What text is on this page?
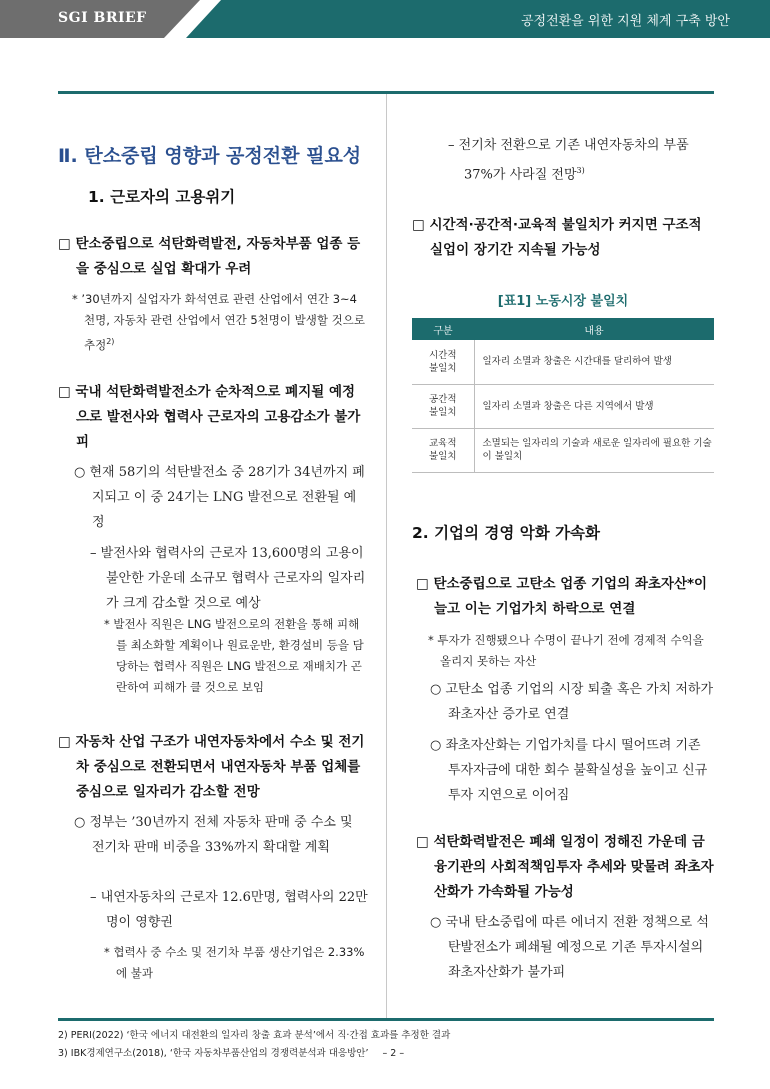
SGI BRIEF	공정전환을 위한 지원 체계 구축 방안
Ⅱ. 탄소중립 영향과 공정전환 필요성
1. 근로자의 고용위기
□ 탄소중립으로 석탄화력발전, 자동차부품 업종 등을 중심으로 실업 확대가 우려
* ’30년까지 실업자가 화석연료 관련 산업에서 연간 3~4천명, 자동차 관련 산업에서 연간 5천명이 발생할 것으로 추정$^{2)}$
□ 국내 석탄화력발전소가 순차적으로 폐지될 예정으로 발전사와 협력사 근로자의 고용감소가 불가피
○ 현재 58기의 석탄발전소 중 28기가 34년까지 폐지되고 이 중 24기는 LNG 발전으로 전환될 예정
– 발전사와 협력사의 근로자 13,600명의 고용이 불안한 가운데 소규모 협력사 근로자의 일자리가 크게 감소할 것으로 예상
* 발전사 직원은 LNG 발전으로의 전환을 통해 피해를 최소화할 계획이나 원료운반, 환경설비 등을 담당하는 협력사 직원은 LNG 발전으로 재배치가 곤란하여 피해가 클 것으로 보임
□ 자동차 산업 구조가 내연자동차에서 수소 및 전기차 중심으로 전환되면서 내연자동차 부품 업체를 중심으로 일자리가 감소할 전망
○ 정부는 ’30년까지 전체 자동차 판매 중 수소 및 전기차 판매 비중을 33%까지 확대할 계획
– 내연자동차의 근로자 12.6만명, 협력사의 22만명이 영향권
* 협력사 중 수소 및 전기차 부품 생산기업은 2.33%에 불과
– 전기차 전환으로 기존 내연자동차의 부품 37%가 사라질 전망$^{3)}$
□ 시간적·공간적·교육적 불일치가 커지면 구조적 실업이 장기간 지속될 가능성
[표1] 노동시장 불일치
구분	내용
시간적
불일치	일자리 소멸과 창출은 시간대를 달리하여 발생
공간적
불일치	일자리 소멸과 창출은 다른 지역에서 발생
교육적
불일치	소멸되는 일자리의 기술과 새로운 일자리에 필요한 기술이 불일치
2. 기업의 경영 악화 가속화
□ 탄소중립으로 고탄소 업종 기업의 좌초자산*이 늘고 이는 기업가치 하락으로 연결
* 투자가 진행됐으나 수명이 끝나기 전에 경제적 수익을 올리지 못하는 자산
○ 고탄소 업종 기업의 시장 퇴출 혹은 가치 저하가 좌초자산 증가로 연결
○ 좌초자산화는 기업가치를 다시 떨어뜨려 기존 투자자금에 대한 회수 불확실성을 높이고 신규투자 지연으로 이어짐
□ 석탄화력발전은 폐쇄 일정이 정해진 가운데 금융기관의 사회적책임투자 추세와 맞물려 좌초자산화가 가속화될 가능성
○ 국내 탄소중립에 따른 에너지 전환 정책으로 석탄발전소가 폐쇄될 예정으로 기존 투자시설의 좌초자산화가 불가피
2) PERI(2022) ‘한국 에너지 대전환의 일자리 창출 효과 분석’에서 직·간접 효과를 추정한 결과
3) IBK경제연구소(2018), ‘한국 자동차부품산업의 경쟁력분석과 대응방안’ – 2 –
